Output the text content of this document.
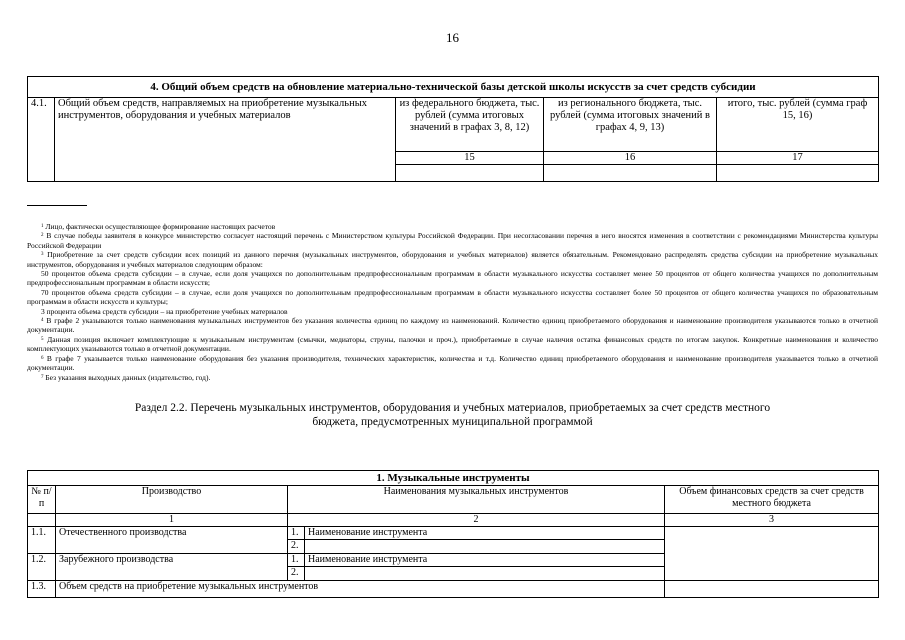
16
4. Общий объем средств на обновление материально-технической базы детской школы искусств за счет средств субсидии				
4.1.	Общий объем средств, направляемых на приобретение музыкальных инструментов, оборудования и учебных материалов	из федерального бюджета, тыс. рублей (сумма итоговых значений в графах 3, 8, 12)	из регионального бюджета, тыс. рублей (сумма итоговых значений в графах 4, 9, 13)	итого, тыс. рублей (сумма граф 15, 16)
		15	16	17

$^1$ Лицо, фактически осуществляющее формирование настоящих расчетов

$^2$ В случае победы заявителя в конкурсе министерство согласует настоящий перечень с Министерством культуры Российской Федерации. При несогласовании перечня в него вносятся изменения в соответствии с рекомендациями Министерства культуры Российской Федерации

$^3$ Приобретение за счет средств субсидии всех позиций из данного перечня (музыкальных инструментов, оборудования и учебных материалов) является обязательным. Рекомендовано распределять средства субсидии на приобретение музыкальных инструментов, оборудования и учебных материалов следующим образом:

50 процентов объема средств субсидии – в случае, если доля учащихся по дополнительным предпрофессиональным программам в области музыкального искусства составляет менее 50 процентов от общего количества учащихся по дополнительным предпрофессиональным программам в области искусств;

70 процентов объема средств субсидии – в случае, если доля учащихся по дополнительным предпрофессиональным программам в области музыкального искусства составляет более 50 процентов от общего количества учащихся по образовательным программам в области искусств и культуры;

3 процента объема средств субсидии – на приобретение учебных материалов

$^4$ В графе 2 указываются только наименования музыкальных инструментов без указания количества единиц по каждому из наименований. Количество единиц приобретаемого оборудования и наименование производителя указываются только в отчетной документации.

$^5$ Данная позиция включает комплектующие к музыкальным инструментам (смычки, медиаторы, струны, палочки и проч.), приобретаемые в случае наличия остатка финансовых средств по итогам закупок. Конкретные наименования и количество комплектующих указываются только в отчетной документации.

$^6$ В графе 7 указывается только наименование оборудования без указания производителя, технических характеристик, количества и т.д. Количество единиц приобретаемого оборудования и наименование производителя указывается только в отчетной документации.

$^7$ Без указания выходных данных (издательство, год).

Раздел 2.2. Перечень музыкальных инструментов, оборудования и учебных материалов, приобретаемых за счет средств местного
бюджета, предусмотренных муниципальной программой
1. Музыкальные инструменты				
№ п/п	Производство	Наименования музыкальных инструментов		Объем финансовых средств за счет средств местного бюджета
	1	2		3
1.1.	Отечественного производства	1.	Наименование инструмента	
		2.		
1.2.	Зарубежного производства	1.	Наименование инструмента	
		2.		
1.3.	Объем средств на приобретение музыкальных инструментов			
